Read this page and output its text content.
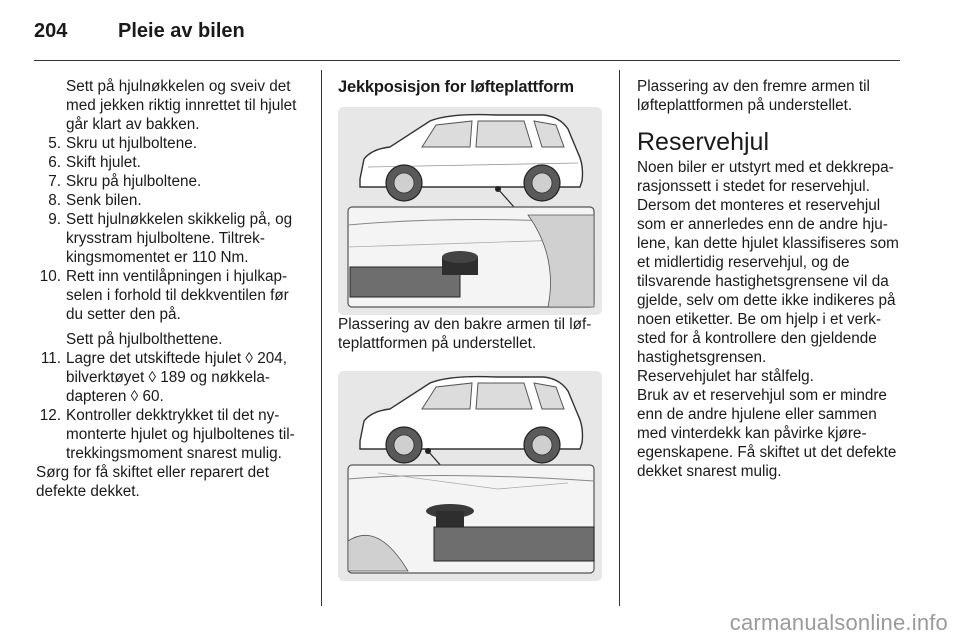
204	Pleie av bilen

Sett på hjulnøkkelen og sveiv det med jekken riktig innrettet til hjulet går klart av bakken.

5. Skru ut hjulboltene.

6. Skift hjulet.

7. Skru på hjulboltene.

8. Senk bilen.

9. Sett hjulnøkkelen skikkelig på, og krysstram hjulboltene. Tiltrekkingsmomentet er 110 Nm.

10. Rett inn ventilåpningen i hjulkapselen i forhold til dekkventilen før du setter den på.

Sett på hjulbolthettene.

11. Lagre det utskiftede hjulet ◊ 204, bilverktøyet ◊ 189 og nøkkeladapteren ◊ 60.

12. Kontroller dekktrykket til det nymonterte hjulet og hjulboltenes tiltrekkingsmoment snarest mulig.

Sørg for få skiftet eller reparert det defekte dekket.

Jekkposisjon for løfteplattform

Plassering av den bakre armen til løfteplattformen på understellet.

Plassering av den fremre armen til løfteplattformen på understellet.

Reservehjul

Noen biler er utstyrt med et dekkreparasjonssett i stedet for reservehjul.

Dersom det monteres et reservehjul som er annerledes enn de andre hjulene, kan dette hjulet klassifiseres som et midlertidig reservehjul, og de tilsvarende hastighetsgrensene vil da gjelde, selv om dette ikke indikeres på noen etiketter. Be om hjelp i et verksted for å kontrollere den gjeldende hastighetsgrensen.

Reservehjulet har stålfelg.

Bruk av et reservehjul som er mindre enn de andre hjulene eller sammen med vinterdekk kan påvirke kjøreegenskapene. Få skiftet ut det defekte dekket snarest mulig.

carmanualsonline.info
